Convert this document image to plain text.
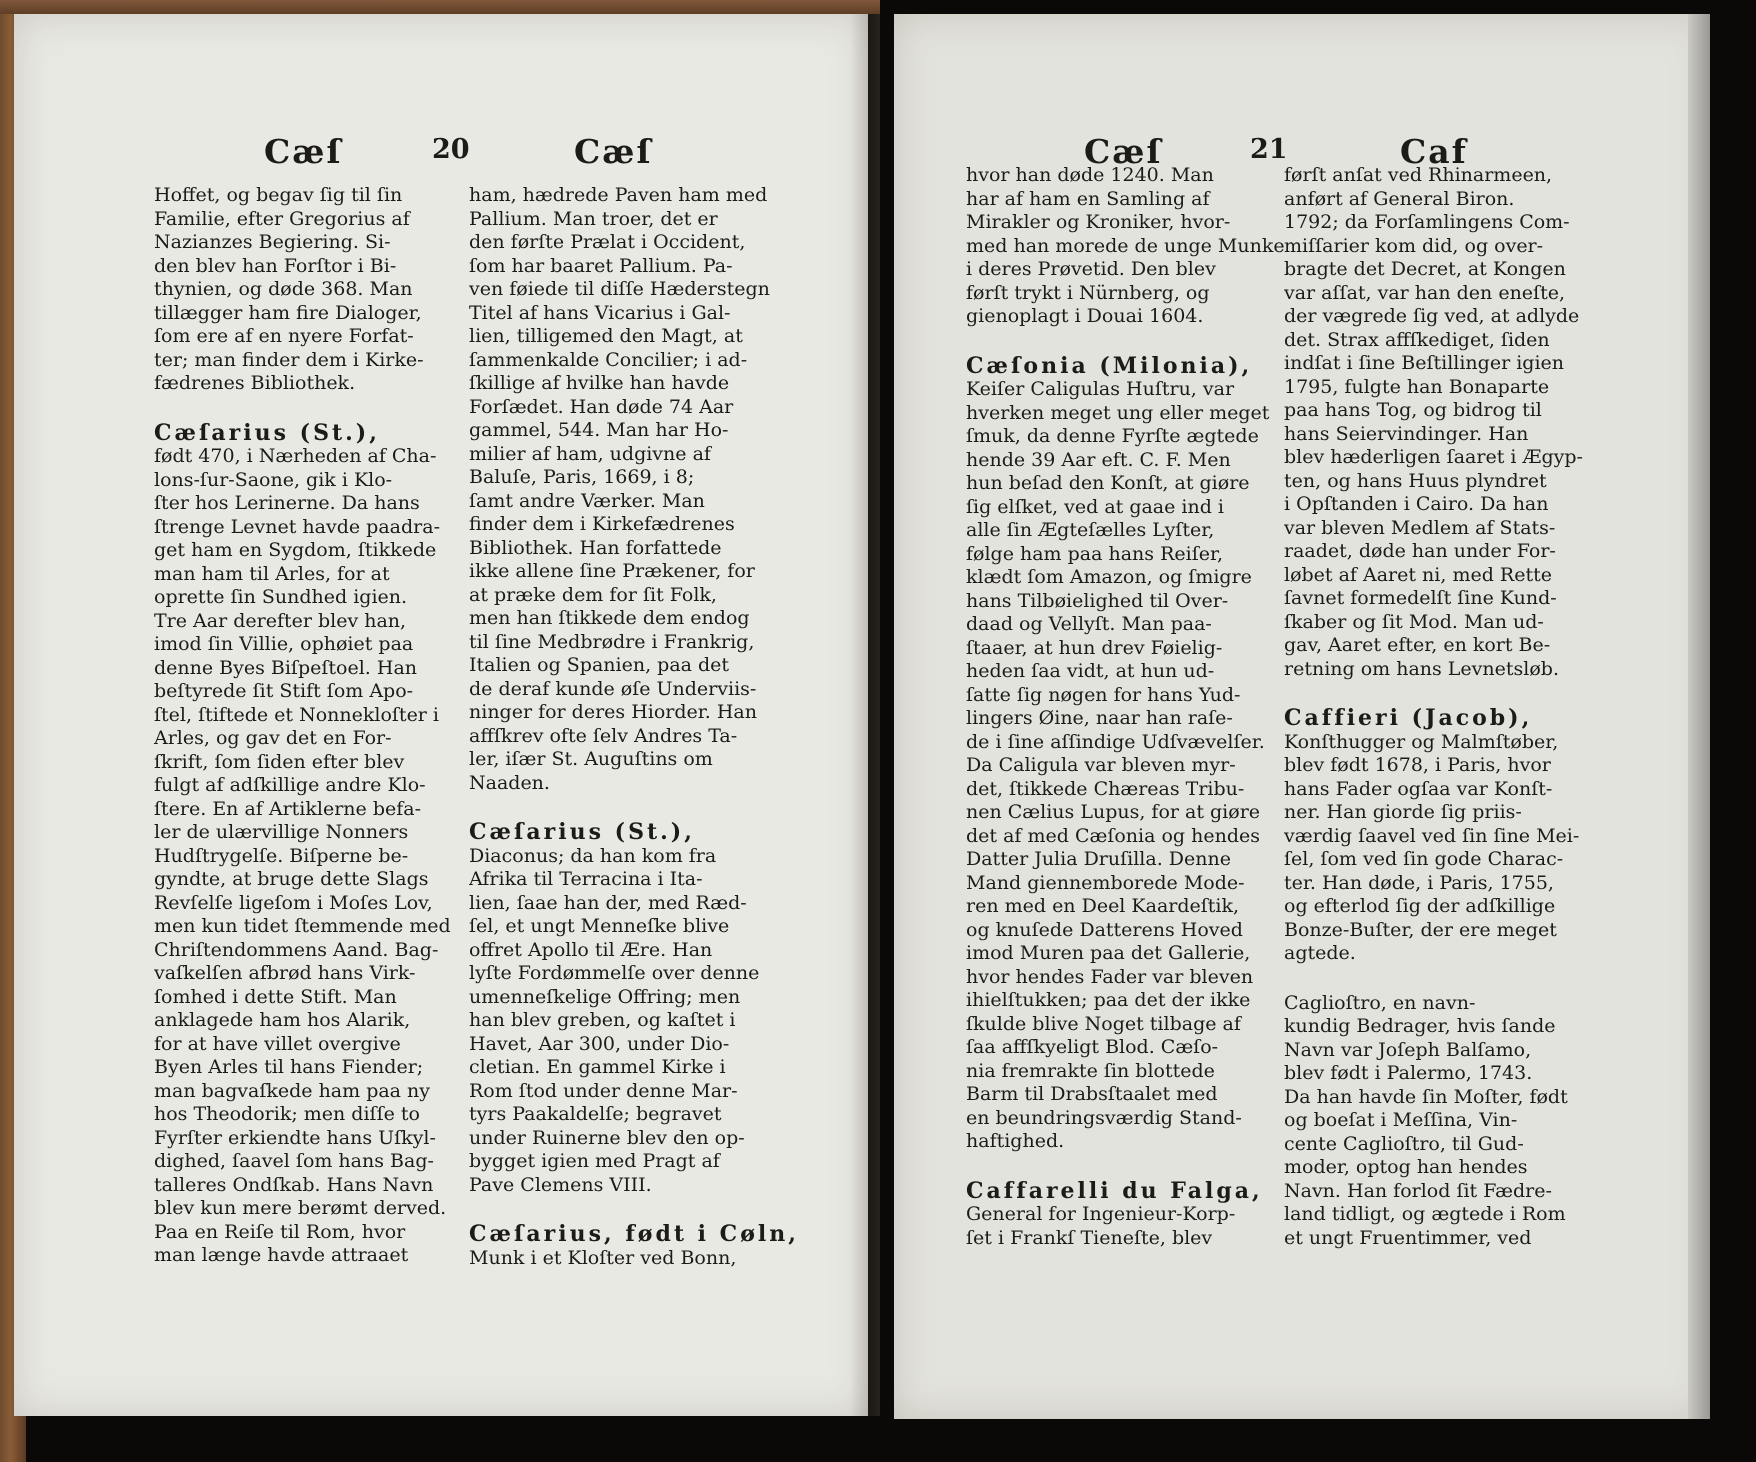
Cæſ	20	Cæſ
Hoffet, og begav ſig til ſin
Familie, efter Gregorius af
Nazianzes Begiering. Si-
den blev han Forſtor i Bi-
thynien, og døde 368. Man
tillægger ham fire Dialoger,
ſom ere af en nyere Forfat-
ter; man finder dem i Kirke-
fædrenes Bibliothek.
Cæſarius (St.),
født 470, i Nærheden af Cha-
lons-ſur-Saone, gik i Klo-
ſter hos Lerinerne. Da hans
ſtrenge Levnet havde paadra-
get ham en Sygdom, ſtikkede
man ham til Arles, for at
oprette ſin Sundhed igien.
Tre Aar derefter blev han,
imod ſin Villie, ophøiet paa
denne Byes Biſpeſtoel. Han
beſtyrede ſit Stift ſom Apo-
ſtel, ſtiftede et Nonnekloſter i
Arles, og gav det en For-
ſkrift, ſom ſiden efter blev
fulgt af adſkillige andre Klo-
ſtere. En af Artiklerne befa-
ler de ulærvillige Nonners
Hudſtrygelſe. Biſperne be-
gyndte, at bruge dette Slags
Revſelſe ligeſom i Moſes Lov,
men kun tidet ſtemmende med
Chriſtendommens Aand. Bag-
vaſkelſen afbrød hans Virk-
ſomhed i dette Stift. Man
anklagede ham hos Alarik,
for at have villet overgive
Byen Arles til hans Fiender;
man bagvaſkede ham paa ny
hos Theodorik; men diſſe to
Fyrſter erkiendte hans Uſkyl-
dighed, ſaavel ſom hans Bag-
talleres Ondſkab. Hans Navn
blev kun mere berømt derved.
Paa en Reiſe til Rom, hvor
man længe havde attraaet
ham, hædrede Paven ham med
Pallium. Man troer, det er
den førſte Prælat i Occident,
ſom har baaret Pallium. Pa-
ven føiede til diſſe Hæderstegn
Titel af hans Vicarius i Gal-
lien, tilligemed den Magt, at
ſammenkalde Concilier; i ad-
ſkillige af hvilke han havde
Forſædet. Han døde 74 Aar
gammel, 544. Man har Ho-
milier af ham, udgivne af
Baluſe, Paris, 1669, i 8;
ſamt andre Værker. Man
finder dem i Kirkefædrenes
Bibliothek. Han forfattede
ikke allene ſine Prækener, for
at præke dem for ſit Folk,
men han ſtikkede dem endog
til ſine Medbrødre i Frankrig,
Italien og Spanien, paa det
de deraf kunde øſe Underviis-
ninger for deres Hiorder. Han
affſkrev ofte ſelv Andres Ta-
ler, iſær St. Auguſtins om
Naaden.
Cæſarius (St.),
Diaconus; da han kom fra
Afrika til Terracina i Ita-
lien, ſaae han der, med Ræd-
ſel, et ungt Menneſke blive
offret Apollo til Ære. Han
lyſte Fordømmelſe over denne
umenneſkelige Offring; men
han blev greben, og kaſtet i
Havet, Aar 300, under Dio-
cletian. En gammel Kirke i
Rom ſtod under denne Mar-
tyrs Paakaldelſe; begravet
under Ruinerne blev den op-
bygget igien med Pragt af
Pave Clemens VIII.
Cæſarius, født i Cøln,
Munk i et Kloſter ved Bonn,
Cæſ	21	Caf
hvor han døde 1240. Man
har af ham en Samling af
Mirakler og Kroniker, hvor-
med han morede de unge Munke
i deres Prøvetid. Den blev
førſt trykt i Nürnberg, og
gienoplagt i Douai 1604.
Cæſonia (Milonia),
Keiſer Caligulas Huſtru, var
hverken meget ung eller meget
ſmuk, da denne Fyrſte ægtede
hende 39 Aar eft. C. F. Men
hun beſad den Konſt, at giøre
ſig elſket, ved at gaae ind i
alle ſin Ægteſælles Lyſter,
følge ham paa hans Reiſer,
klædt ſom Amazon, og ſmigre
hans Tilbøielighed til Over-
daad og Vellyſt. Man paa-
ſtaaer, at hun drev Føielig-
heden ſaa vidt, at hun ud-
ſatte ſig nøgen for hans Yud-
lingers Øine, naar han raſe-
de i ſine aſſindige Udſvævelſer.
Da Caligula var bleven myr-
det, ſtikkede Chæreas Tribu-
nen Cælius Lupus, for at giøre
det af med Cæſonia og hendes
Datter Julia Druſilla. Denne
Mand giennemborede Mode-
ren med en Deel Kaardeſtik,
og knuſede Datterens Hoved
imod Muren paa det Gallerie,
hvor hendes Fader var bleven
ihielſtukken; paa det der ikke
ſkulde blive Noget tilbage af
ſaa affſkyeligt Blod. Cæſo-
nia fremrakte ſin blottede
Barm til Drabsſtaalet med
en beundringsværdig Stand-
haftighed.
Caffarelli du Falga,
General for Ingenieur-Korp-
ſet i Frankſ Tieneſte, blev
førſt anſat ved Rhinarmeen,
anført af General Biron.
1792; da Forſamlingens Com-
miſſarier kom did, og over-
bragte det Decret, at Kongen
var aſſat, var han den eneſte,
der vægrede ſig ved, at adlyde
det. Strax affſkediget, ſiden
indſat i ſine Beſtillinger igien
1795, fulgte han Bonaparte
paa hans Tog, og bidrog til
hans Seiervindinger. Han
blev hæderligen ſaaret i Ægyp-
ten, og hans Huus plyndret
i Opſtanden i Cairo. Da han
var bleven Medlem af Stats-
raadet, døde han under For-
løbet af Aaret ni, med Rette
ſavnet formedelſt ſine Kund-
ſkaber og ſit Mod. Man ud-
gav, Aaret efter, en kort Be-
retning om hans Levnetsløb.
Caffieri (Jacob),
Konſthugger og Malmſtøber,
blev født 1678, i Paris, hvor
hans Fader ogſaa var Konſt-
ner. Han giorde ſig priis-
værdig ſaavel ved ſin ſine Mei-
ſel, ſom ved ſin gode Charac-
ter. Han døde, i Paris, 1755,
og efterlod ſig der adſkillige
Bonze-Buſter, der ere meget
agtede.
Caglioſtro, en navn-
kundig Bedrager, hvis ſande
Navn var Joſeph Balſamo,
blev født i Palermo, 1743.
Da han havde ſin Moſter, født
og boeſat i Meſſina, Vin-
cente Caglioſtro, til Gud-
moder, optog han hendes
Navn. Han forlod ſit Fædre-
land tidligt, og ægtede i Rom
et ungt Fruentimmer, ved
